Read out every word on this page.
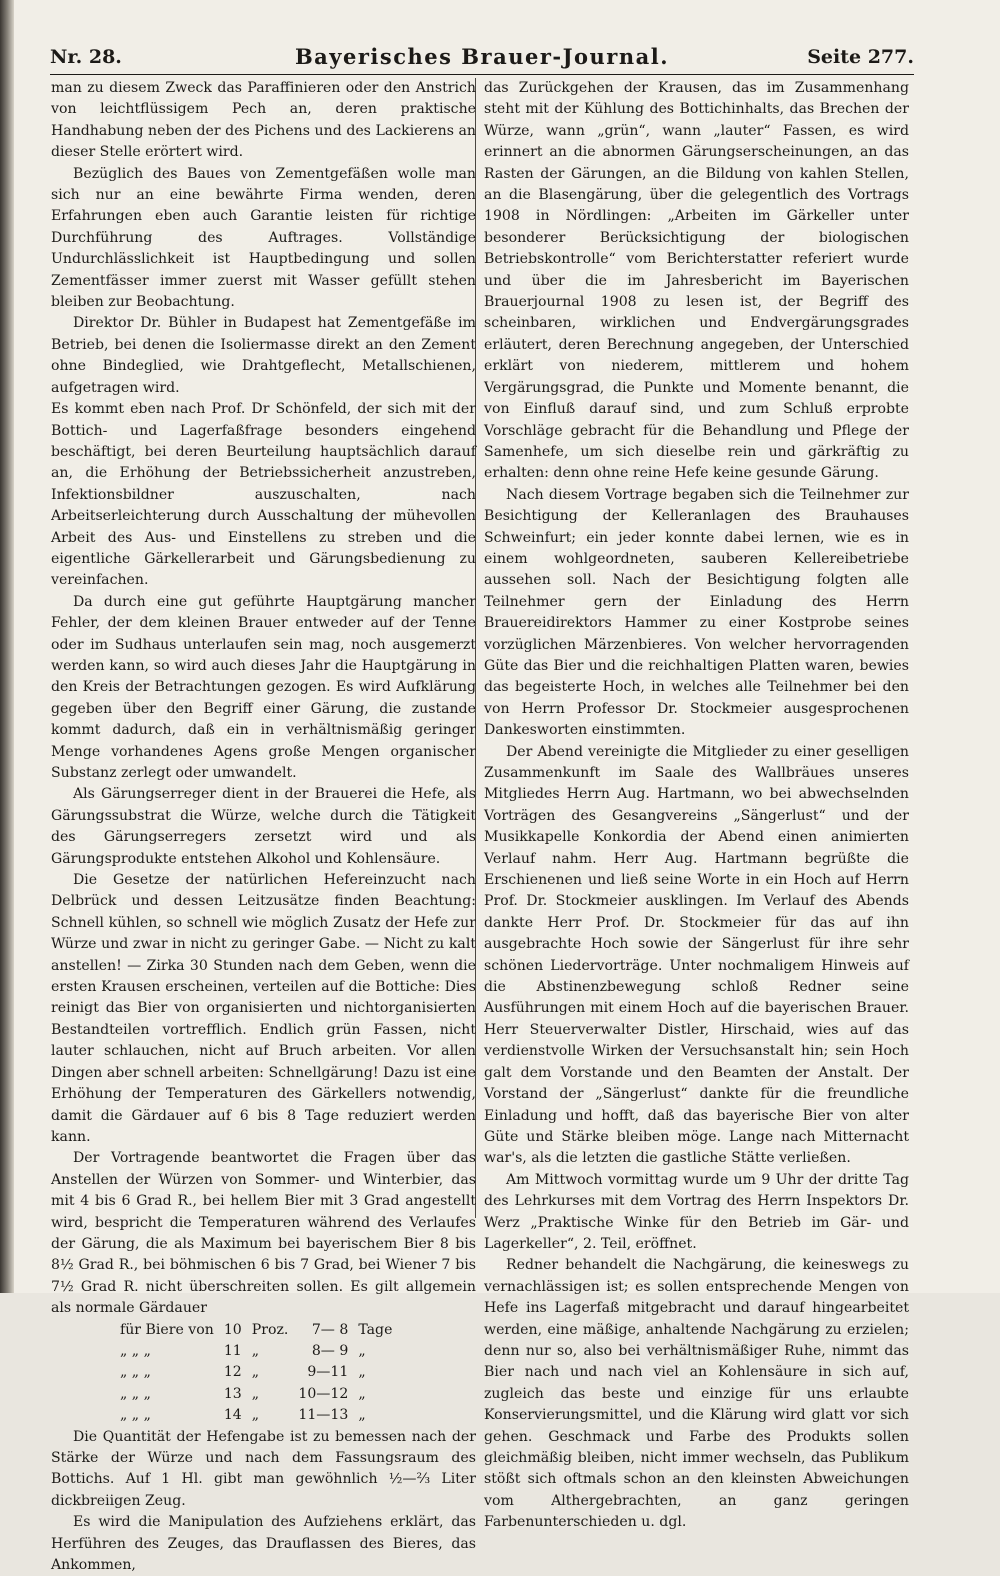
Nr. 28.	Bayerisches Brauer-Journal.	Seite 277.

man zu diesem Zweck das Paraffinieren oder den Anstrich von leichtflüssigem Pech an, deren praktische Handhabung neben der des Pichens und des Lackierens an dieser Stelle erörtert wird.

Bezüglich des Baues von Zementgefäßen wolle man sich nur an eine bewährte Firma wenden, deren Erfahrungen eben auch Garantie leisten für richtige Durchführung des Auftrages. Vollständige Undurchlässlichkeit ist Hauptbedingung und sollen Zementfässer immer zuerst mit Wasser gefüllt stehen bleiben zur Beobachtung.

Direktor Dr. Bühler in Budapest hat Zementgefäße im Betrieb, bei denen die Isoliermasse direkt an den Zement ohne Bindeglied, wie Drahtgeflecht, Metallschienen, aufgetragen wird.

Es kommt eben nach Prof. Dr Schönfeld, der sich mit der Bottich- und Lagerfaßfrage besonders eingehend beschäftigt, bei deren Beurteilung hauptsächlich darauf an, die Erhöhung der Betriebssicherheit anzustreben, Infektionsbildner auszuschalten, nach Arbeitserleichterung durch Ausschaltung der mühevollen Arbeit des Aus- und Einstellens zu streben und die eigentliche Gärkellerarbeit und Gärungsbedienung zu vereinfachen.

Da durch eine gut geführte Hauptgärung mancher Fehler, der dem kleinen Brauer entweder auf der Tenne oder im Sudhaus unterlaufen sein mag, noch ausgemerzt werden kann, so wird auch dieses Jahr die Hauptgärung in den Kreis der Betrachtungen gezogen. Es wird Aufklärung gegeben über den Begriff einer Gärung, die zustande kommt dadurch, daß ein in verhältnismäßig geringer Menge vorhandenes Agens große Mengen organischer Substanz zerlegt oder umwandelt.

Als Gärungserreger dient in der Brauerei die Hefe, als Gärungssubstrat die Würze, welche durch die Tätigkeit des Gärungserregers zersetzt wird und als Gärungsprodukte entstehen Alkohol und Kohlensäure.

Die Gesetze der natürlichen Hefereinzucht nach Delbrück und dessen Leitzusätze finden Beachtung: Schnell kühlen, so schnell wie möglich Zusatz der Hefe zur Würze und zwar in nicht zu geringer Gabe. — Nicht zu kalt anstellen! — Zirka 30 Stunden nach dem Geben, wenn die ersten Krausen erscheinen, verteilen auf die Bottiche: Dies reinigt das Bier von organisierten und nichtorganisierten Bestandteilen vortrefflich. Endlich grün Fassen, nicht lauter schlauchen, nicht auf Bruch arbeiten. Vor allen Dingen aber schnell arbeiten: Schnellgärung! Dazu ist eine Erhöhung der Temperaturen des Gärkellers notwendig, damit die Gärdauer auf 6 bis 8 Tage reduziert werden kann.

Der Vortragende beantwortet die Fragen über das Anstellen der Würzen von Sommer- und Winterbier, das mit 4 bis 6 Grad R., bei hellem Bier mit 3 Grad angestellt wird, bespricht die Temperaturen während des Verlaufes der Gärung, die als Maximum bei bayerischem Bier 8 bis 8½ Grad R., bei böhmischen 6 bis 7 Grad, bei Wiener 7 bis 7½ Grad R. nicht überschreiten sollen. Es gilt allgemein als normale Gärdauer

für Biere von	10	Proz.	7— 8	Tage
„ „ „	11	„	8— 9	„
„ „ „	12	„	9—11	„
„ „ „	13	„	10—12	„
„ „ „	14	„	11—13	„

Die Quantität der Hefengabe ist zu bemessen nach der Stärke der Würze und nach dem Fassungsraum des Bottichs. Auf 1 Hl. gibt man gewöhnlich ½—⅔ Liter dickbreiigen Zeug.

Es wird die Manipulation des Aufziehens erklärt, das Herführen des Zeuges, das Drauflassen des Bieres, das Ankommen,

das Zurückgehen der Krausen, das im Zusammenhang steht mit der Kühlung des Bottichinhalts, das Brechen der Würze, wann „grün“, wann „lauter“ Fassen, es wird erinnert an die abnormen Gärungserscheinungen, an das Rasten der Gärungen, an die Bildung von kahlen Stellen, an die Blasengärung, über die gelegentlich des Vortrags 1908 in Nördlingen: „Arbeiten im Gärkeller unter besonderer Berücksichtigung der biologischen Betriebskontrolle“ vom Berichterstatter referiert wurde und über die im Jahresbericht im Bayerischen Brauerjournal 1908 zu lesen ist, der Begriff des scheinbaren, wirklichen und Endvergärungsgrades erläutert, deren Berechnung angegeben, der Unterschied erklärt von niederem, mittlerem und hohem Vergärungsgrad, die Punkte und Momente benannt, die von Einfluß darauf sind, und zum Schluß erprobte Vorschläge gebracht für die Behandlung und Pflege der Samenhefe, um sich dieselbe rein und gärkräftig zu erhalten: denn ohne reine Hefe keine gesunde Gärung.

Nach diesem Vortrage begaben sich die Teilnehmer zur Besichtigung der Kelleranlagen des Brauhauses Schweinfurt; ein jeder konnte dabei lernen, wie es in einem wohlgeordneten, sauberen Kellereibetriebe aussehen soll. Nach der Besichtigung folgten alle Teilnehmer gern der Einladung des Herrn Brauereidirektors Hammer zu einer Kostprobe seines vorzüglichen Märzenbieres. Von welcher hervorragenden Güte das Bier und die reichhaltigen Platten waren, bewies das begeisterte Hoch, in welches alle Teilnehmer bei den von Herrn Professor Dr. Stockmeier ausgesprochenen Dankesworten einstimmten.

Der Abend vereinigte die Mitglieder zu einer geselligen Zusammenkunft im Saale des Wallbräues unseres Mitgliedes Herrn Aug. Hartmann, wo bei abwechselnden Vorträgen des Gesangvereins „Sängerlust“ und der Musikkapelle Konkordia der Abend einen animierten Verlauf nahm. Herr Aug. Hartmann begrüßte die Erschienenen und ließ seine Worte in ein Hoch auf Herrn Prof. Dr. Stockmeier ausklingen. Im Verlauf des Abends dankte Herr Prof. Dr. Stockmeier für das auf ihn ausgebrachte Hoch sowie der Sängerlust für ihre sehr schönen Liedervorträge. Unter nochmaligem Hinweis auf die Abstinenzbewegung schloß Redner seine Ausführungen mit einem Hoch auf die bayerischen Brauer. Herr Steuerverwalter Distler, Hirschaid, wies auf das verdienstvolle Wirken der Versuchsanstalt hin; sein Hoch galt dem Vorstande und den Beamten der Anstalt. Der Vorstand der „Sängerlust“ dankte für die freundliche Einladung und hofft, daß das bayerische Bier von alter Güte und Stärke bleiben möge. Lange nach Mitternacht war's, als die letzten die gastliche Stätte verließen.

Am Mittwoch vormittag wurde um 9 Uhr der dritte Tag des Lehrkurses mit dem Vortrag des Herrn Inspektors Dr. Werz „Praktische Winke für den Betrieb im Gär- und Lagerkeller“, 2. Teil, eröffnet.

Redner behandelt die Nachgärung, die keineswegs zu vernachlässigen ist; es sollen entsprechende Mengen von Hefe ins Lagerfaß mitgebracht und darauf hingearbeitet werden, eine mäßige, anhaltende Nachgärung zu erzielen; denn nur so, also bei verhältnismäßiger Ruhe, nimmt das Bier nach und nach viel an Kohlensäure in sich auf, zugleich das beste und einzige für uns erlaubte Konservierungsmittel, und die Klärung wird glatt vor sich gehen. Geschmack und Farbe des Produkts sollen gleichmäßig bleiben, nicht immer wechseln, das Publikum stößt sich oftmals schon an den kleinsten Abweichungen vom Althergebrachten, an ganz geringen Farbenunterschieden u. dgl.
